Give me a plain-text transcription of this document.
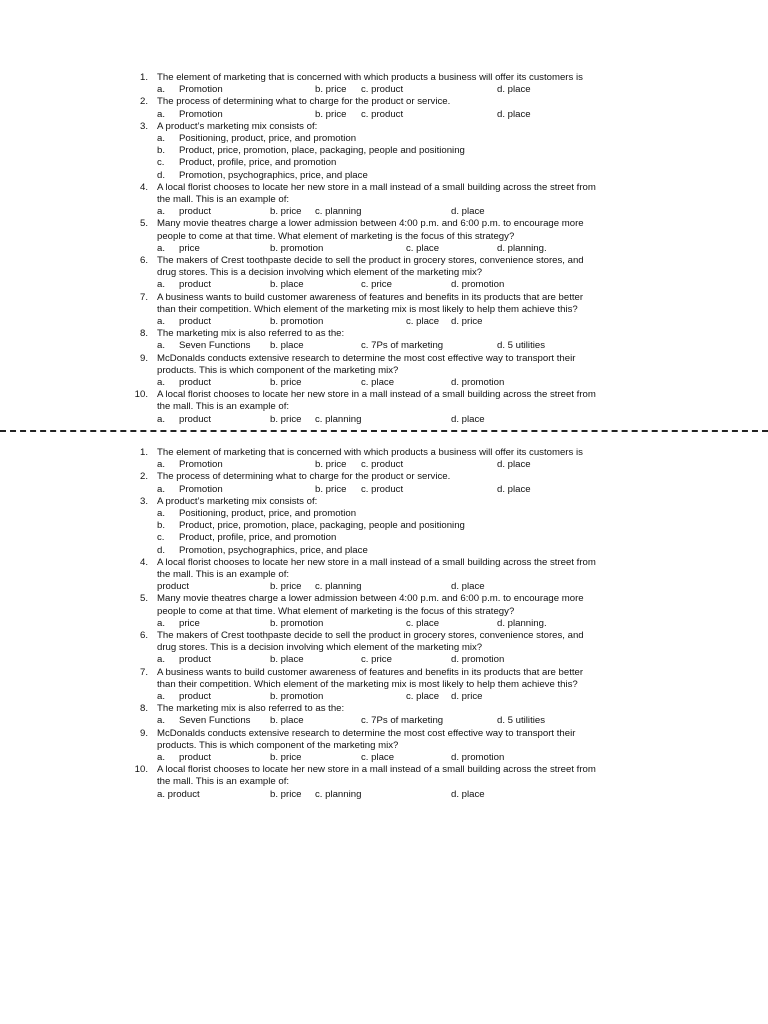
1. The element of marketing that is concerned with which products a business will offer its customers is
a. Promotion	b. price c. product	d. place
2. The process of determining what to charge for the product or service.
a. Promotion	b. price c. product	d. place
3. A product’s marketing mix consists of:
a. Positioning, product, price, and promotion
b. Product, price, promotion, place, packaging, people and positioning
c. Product, profile, price, and promotion
d. Promotion, psychographics, price, and place
4. A local florist chooses to locate her new store in a mall instead of a small building across the street from
the mall. This is an example of:
a. product	b. price c. planning	d. place
5. Many movie theatres charge a lower admission between 4:00 p.m. and 6:00 p.m. to encourage more
people to come at that time. What element of marketing is the focus of this strategy?
a. price	b. promotion	c. place	d. planning.
6. The makers of Crest toothpaste decide to sell the product in grocery stores, convenience stores, and
drug stores. This is a decision involving which element of the marketing mix?
a. product	b. place	c. price	d. promotion
7. A business wants to build customer awareness of features and benefits in its products that are better
than their competition. Which element of the marketing mix is most likely to help them achieve this?
a. product	b. promotion	c. place d. price
8. The marketing mix is also referred to as the:
a. Seven Functions b. place	c. 7Ps of marketing	d. 5 utilities
9. McDonalds conducts extensive research to determine the most cost effective way to transport their
products. This is which component of the marketing mix?
a. product	b. price	c. place	d. promotion
10. A local florist chooses to locate her new store in a mall instead of a small building across the street from
the mall. This is an example of:
a. product	b. price c. planning	d. place
1. The element of marketing that is concerned with which products a business will offer its customers is
a. Promotion	b. price c. product	d. place
2. The process of determining what to charge for the product or service.
a. Promotion	b. price c. product	d. place
3. A product’s marketing mix consists of:
a. Positioning, product, price, and promotion
b. Product, price, promotion, place, packaging, people and positioning
c. Product, profile, price, and promotion
d. Promotion, psychographics, price, and place
4. A local florist chooses to locate her new store in a mall instead of a small building across the street from
the mall. This is an example of:
product	b. price c. planning	d. place
5. Many movie theatres charge a lower admission between 4:00 p.m. and 6:00 p.m. to encourage more
people to come at that time. What element of marketing is the focus of this strategy?
a. price	b. promotion	c. place	d. planning.
6. The makers of Crest toothpaste decide to sell the product in grocery stores, convenience stores, and
drug stores. This is a decision involving which element of the marketing mix?
a. product	b. place	c. price	d. promotion
7. A business wants to build customer awareness of features and benefits in its products that are better
than their competition. Which element of the marketing mix is most likely to help them achieve this?
a. product	b. promotion	c. place d. price
8. The marketing mix is also referred to as the:
a. Seven Functions b. place	c. 7Ps of marketing	d. 5 utilities
9. McDonalds conducts extensive research to determine the most cost effective way to transport their
products. This is which component of the marketing mix?
a. product	b. price	c. place	d. promotion
10. A local florist chooses to locate her new store in a mall instead of a small building across the street from
the mall. This is an example of:
a. product	b. price c. planning	d. place
